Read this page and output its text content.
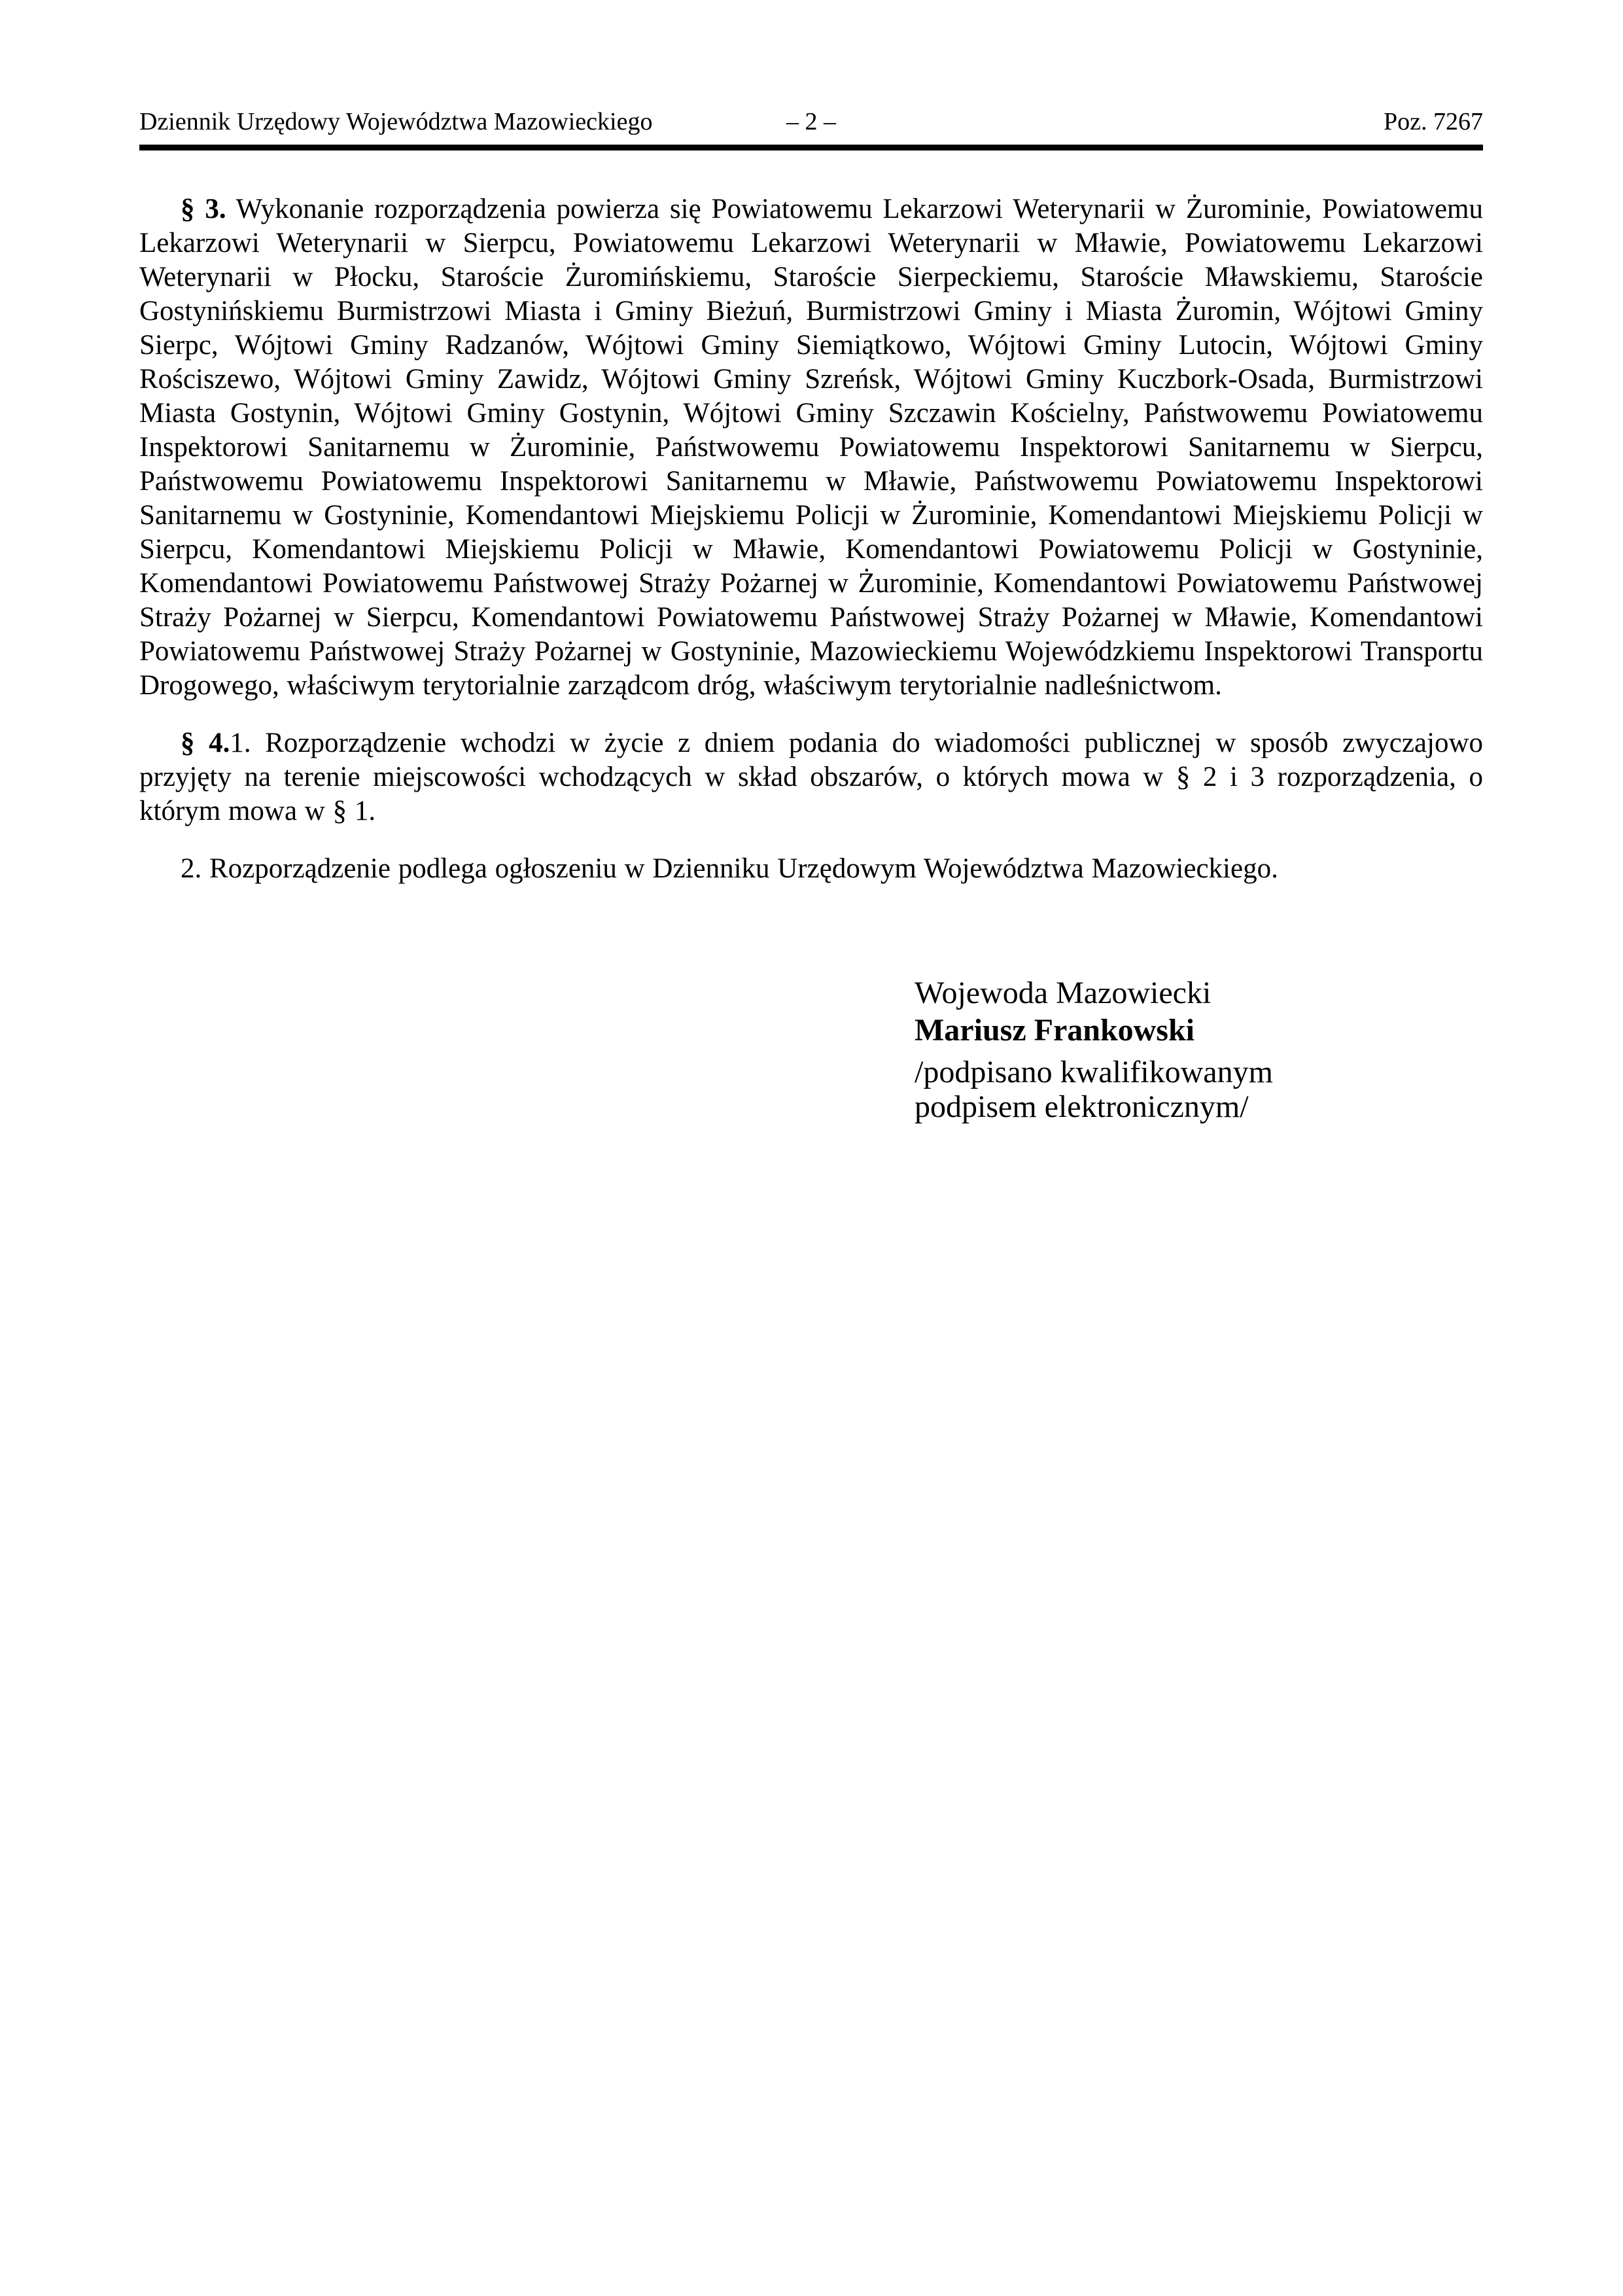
Dziennik Urzędowy Województwa Mazowieckiego	– 2 –	Poz. 7267

§ 3. Wykonanie rozporządzenia powierza się Powiatowemu Lekarzowi Weterynarii w Żurominie, Powiatowemu Lekarzowi Weterynarii w Sierpcu, Powiatowemu Lekarzowi Weterynarii w Mławie, Powiatowemu Lekarzowi Weterynarii w Płocku, Staroście Żuromińskiemu, Staroście Sierpeckiemu, Staroście Mławskiemu, Staroście Gostynińskiemu Burmistrzowi Miasta i Gminy Bieżuń, Burmistrzowi Gminy i Miasta Żuromin, Wójtowi Gminy Sierpc, Wójtowi Gminy Radzanów, Wójtowi Gminy Siemiątkowo, Wójtowi Gminy Lutocin, Wójtowi Gminy Rościszewo, Wójtowi Gminy Zawidz, Wójtowi Gminy Szreńsk, Wójtowi Gminy Kuczbork-Osada, Burmistrzowi Miasta Gostynin, Wójtowi Gminy Gostynin, Wójtowi Gminy Szczawin Kościelny, Państwowemu Powiatowemu Inspektorowi Sanitarnemu w Żurominie, Państwowemu Powiatowemu Inspektorowi Sanitarnemu w Sierpcu, Państwowemu Powiatowemu Inspektorowi Sanitarnemu w Mławie, Państwowemu Powiatowemu Inspektorowi Sanitarnemu w Gostyninie, Komendantowi Miejskiemu Policji w Żurominie, Komendantowi Miejskiemu Policji w Sierpcu, Komendantowi Miejskiemu Policji w Mławie, Komendantowi Powiatowemu Policji w Gostyninie, Komendantowi Powiatowemu Państwowej Straży Pożarnej w Żurominie, Komendantowi Powiatowemu Państwowej Straży Pożarnej w Sierpcu, Komendantowi Powiatowemu Państwowej Straży Pożarnej w Mławie, Komendantowi Powiatowemu Państwowej Straży Pożarnej w Gostyninie, Mazowieckiemu Wojewódzkiemu Inspektorowi Transportu Drogowego, właściwym terytorialnie zarządcom dróg, właściwym terytorialnie nadleśnictwom.

§ 4.1. Rozporządzenie wchodzi w życie z dniem podania do wiadomości publicznej w sposób zwyczajowo przyjęty na terenie miejscowości wchodzących w skład obszarów, o których mowa w § 2 i 3 rozporządzenia, o którym mowa w § 1.

2. Rozporządzenie podlega ogłoszeniu w Dzienniku Urzędowym Województwa Mazowieckiego.

Wojewoda Mazowiecki
Mariusz Frankowski
/podpisano kwalifikowanym
podpisem elektronicznym/
